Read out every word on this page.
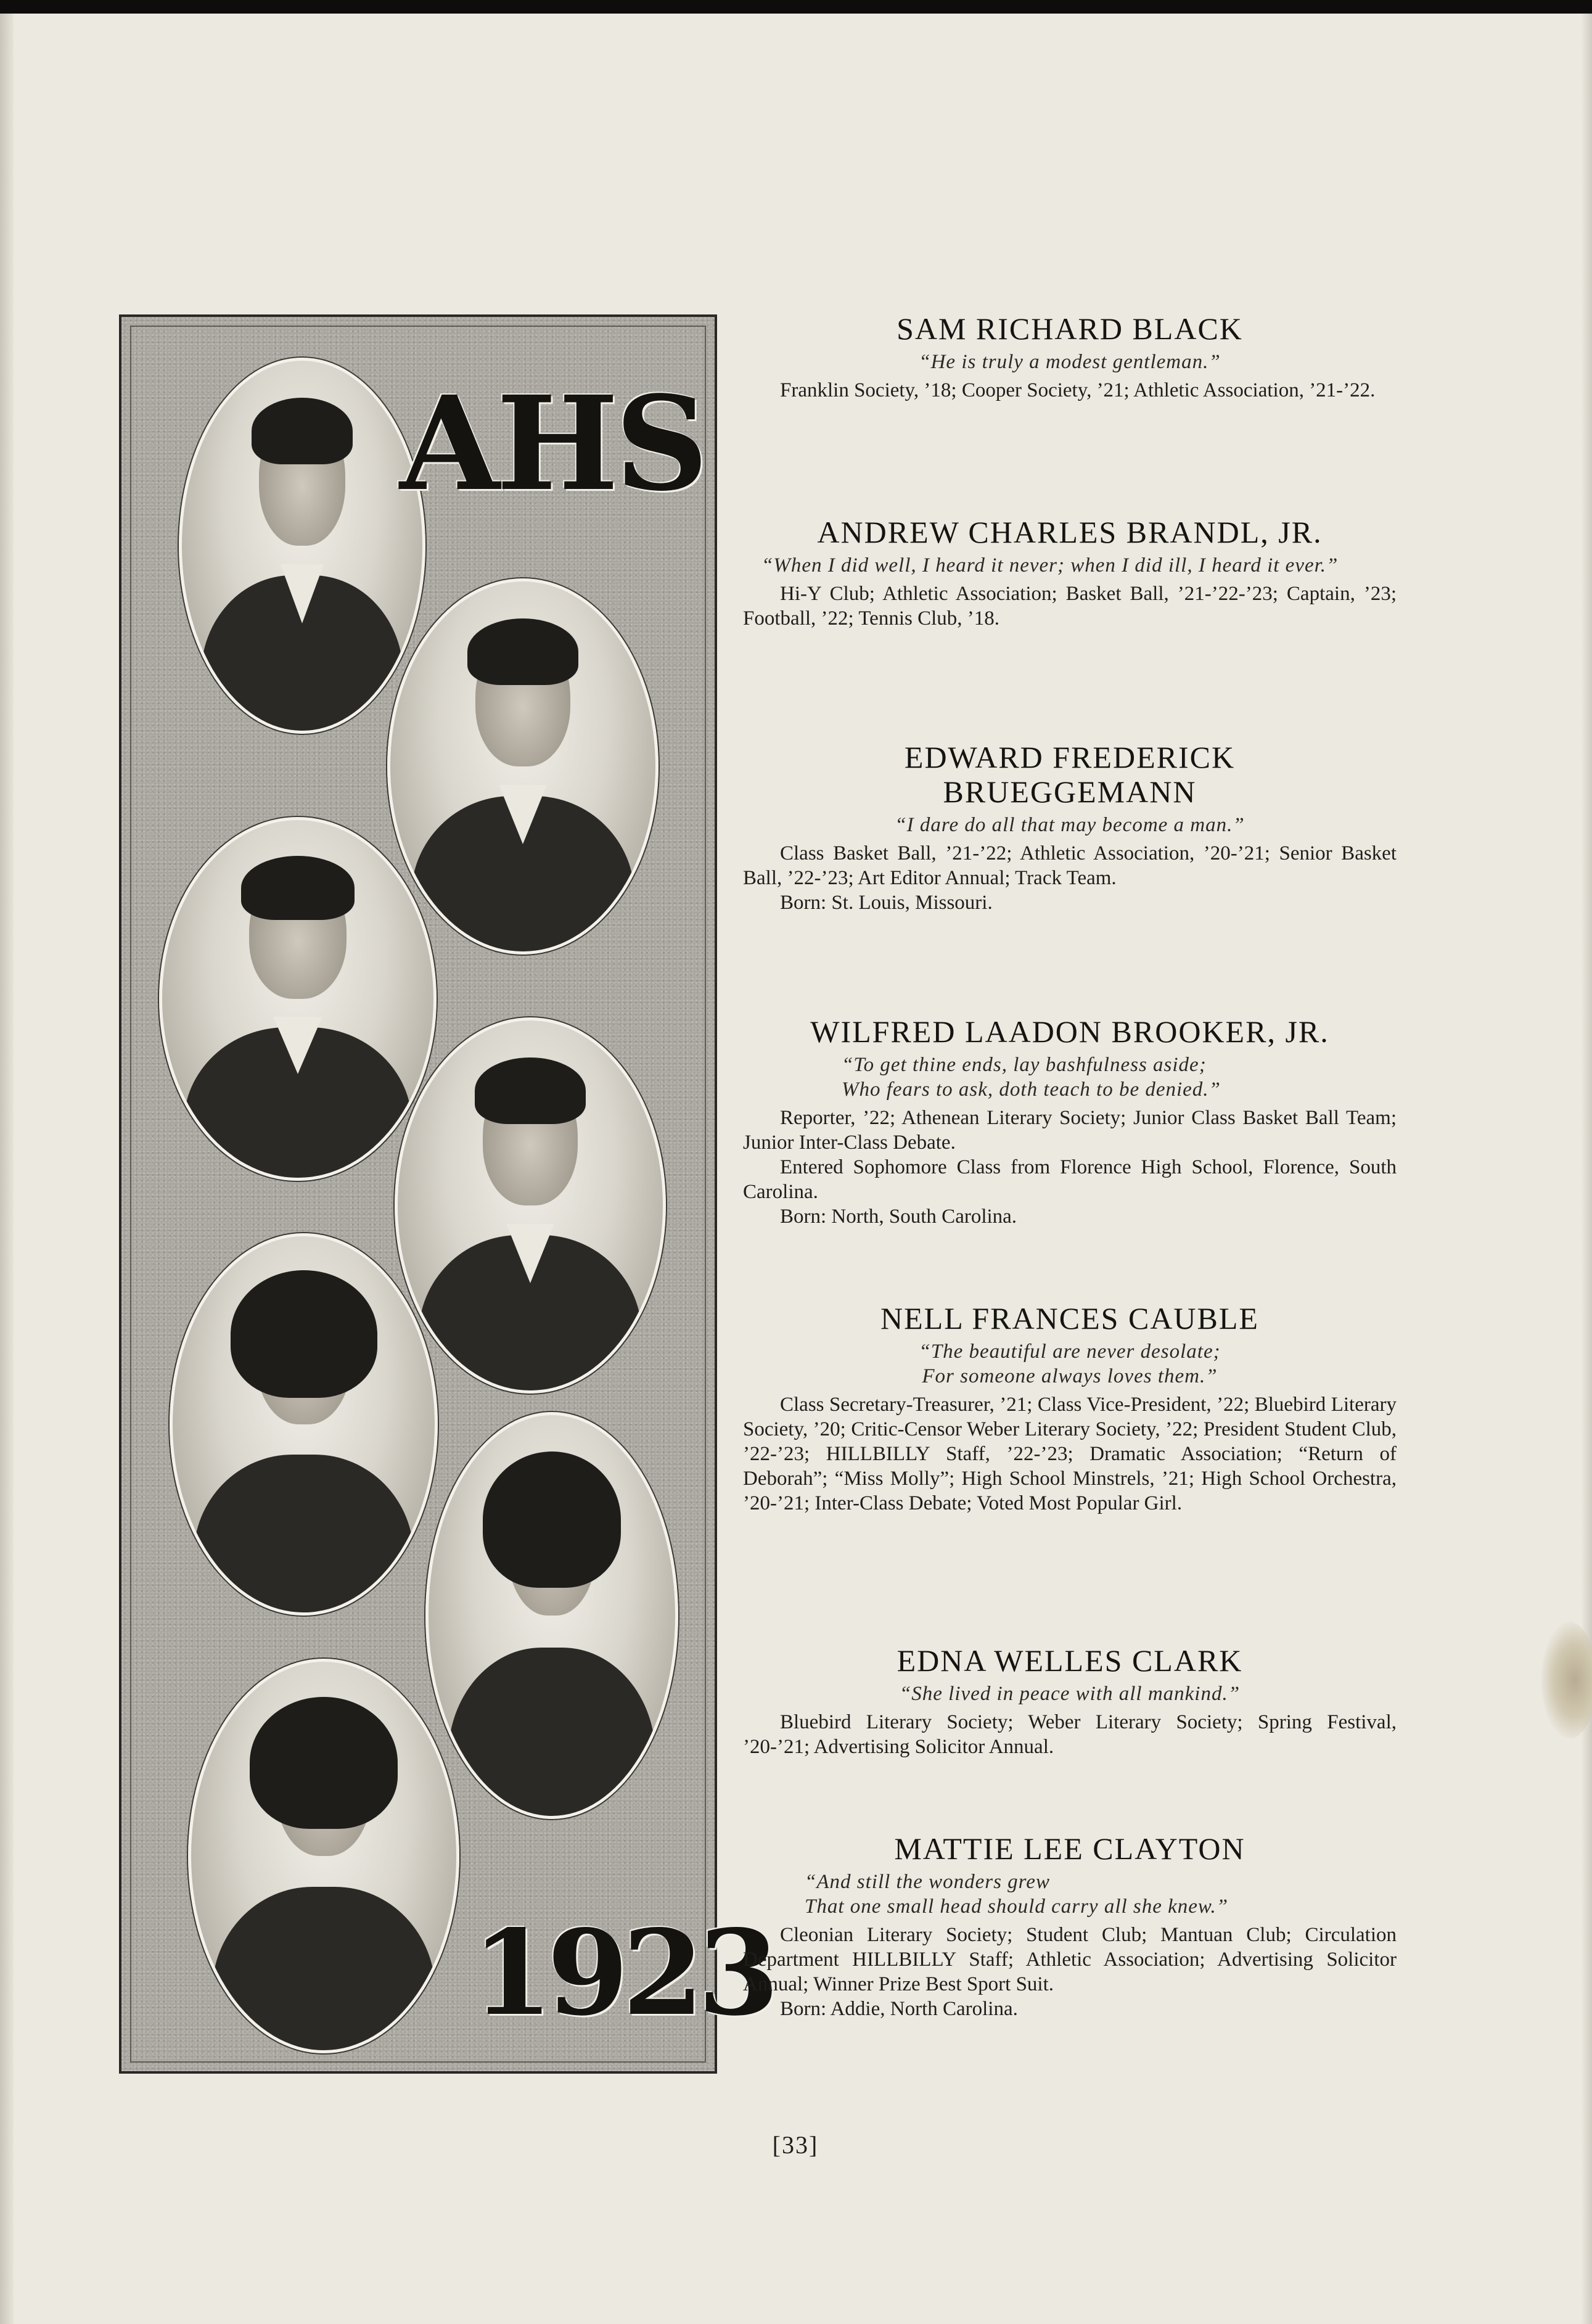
AHS
1923
SAM RICHARD BLACK

“He is truly a modest gentleman.”

Franklin Society, ’18; Cooper Society, ’21; Athletic Association, ’21-’22.

ANDREW CHARLES BRANDL, JR.

“When I did well, I heard it never; when I did ill, I heard it ever.”

Hi-Y Club; Athletic Association; Basket Ball, ’21-’22-’23; Captain, ’23; Football, ’22; Tennis Club, ’18.

EDWARD FREDERICK BRUEGGEMANN

“I dare do all that may become a man.”

Class Basket Ball, ’21-’22; Athletic Association, ’20-’21; Senior Basket Ball, ’22-’23; Art Editor Annual; Track Team.

Born: St. Louis, Missouri.

WILFRED LAADON BROOKER, JR.

“To get thine ends, lay bashfulness aside;
Who fears to ask, doth teach to be denied.”

Reporter, ’22; Athenean Literary Society; Junior Class Basket Ball Team; Junior Inter-Class Debate.

Entered Sophomore Class from Florence High School, Florence, South Carolina.

Born: North, South Carolina.

NELL FRANCES CAUBLE

“The beautiful are never desolate;
For someone always loves them.”

Class Secretary-Treasurer, ’21; Class Vice-President, ’22; Bluebird Literary Society, ’20; Critic-Censor Weber Literary Society, ’22; President Student Club, ’22-’23; HILLBILLY Staff, ’22-’23; Dramatic Association; “Return of Deborah”; “Miss Molly”; High School Minstrels, ’21; High School Orchestra, ’20-’21; Inter-Class Debate; Voted Most Popular Girl.

EDNA WELLES CLARK

“She lived in peace with all mankind.”

Bluebird Literary Society; Weber Literary Society; Spring Festival, ’20-’21; Advertising Solicitor Annual.

MATTIE LEE CLAYTON

“And still the wonders grew
That one small head should carry all she knew.”

Cleonian Literary Society; Student Club; Mantuan Club; Circulation Department HILLBILLY Staff; Athletic Association; Advertising Solicitor Annual; Winner Prize Best Sport Suit.

Born: Addie, North Carolina.

[33]
